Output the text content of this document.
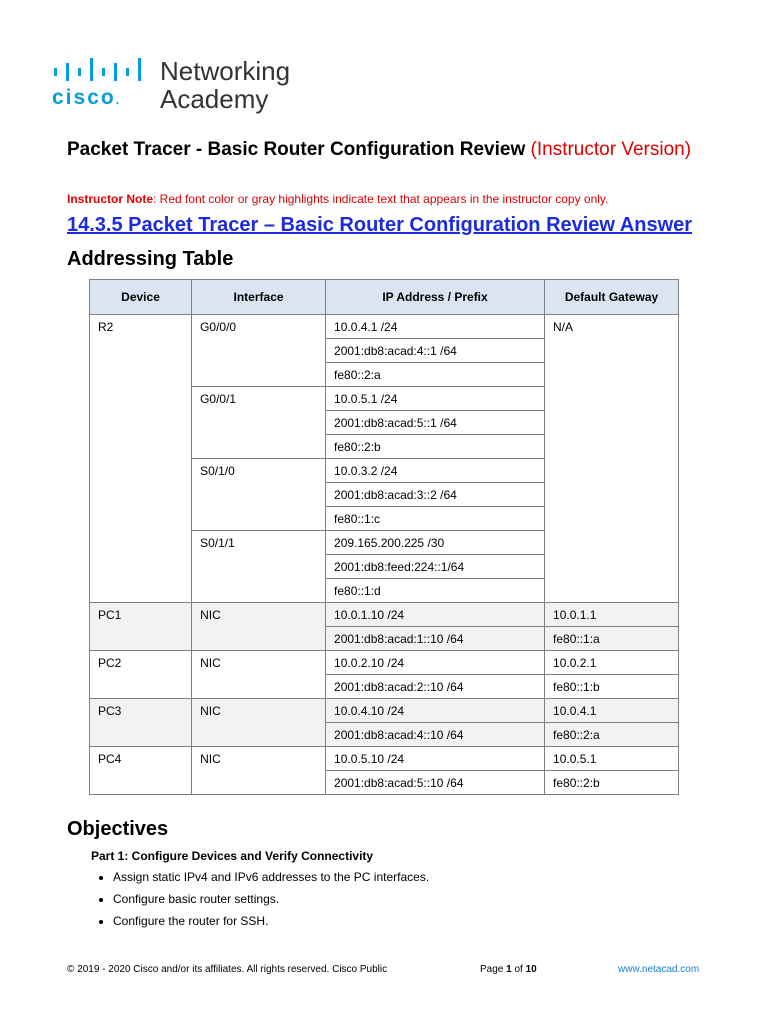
cisco.
Networking
Academy
Packet Tracer - Basic Router Configuration Review (Instructor Version)
Instructor Note: Red font color or gray highlights indicate text that appears in the instructor copy only.
14.3.5 Packet Tracer – Basic Router Configuration Review Answer
Addressing Table
Device	Interface	IP Address / Prefix	Default Gateway
R2	G0/0/0	10.0.4.1 /24	N/A
		2001:db8:acad:4::1 /64	
		fe80::2:a	
	G0/0/1	10.0.5.1 /24	
		2001:db8:acad:5::1 /64	
		fe80::2:b	
	S0/1/0	10.0.3.2 /24	
		2001:db8:acad:3::2 /64	
		fe80::1:c	
	S0/1/1	209.165.200.225 /30	
		2001:db8:feed:224::1/64	
		fe80::1:d	
PC1	NIC	10.0.1.10 /24	10.0.1.1
		2001:db8:acad:1::10 /64	fe80::1:a
PC2	NIC	10.0.2.10 /24	10.0.2.1
		2001:db8:acad:2::10 /64	fe80::1:b
PC3	NIC	10.0.4.10 /24	10.0.4.1
		2001:db8:acad:4::10 /64	fe80::2:a
PC4	NIC	10.0.5.10 /24	10.0.5.1
		2001:db8:acad:5::10 /64	fe80::2:b
Objectives
Part 1: Configure Devices and Verify Connectivity
• Assign static IPv4 and IPv6 addresses to the PC interfaces.
• Configure basic router settings.
• Configure the router for SSH.
© 2019 - 2020 Cisco and/or its affiliates. All rights reserved. Cisco Public	Page 1 of 10	www.netacad.com
